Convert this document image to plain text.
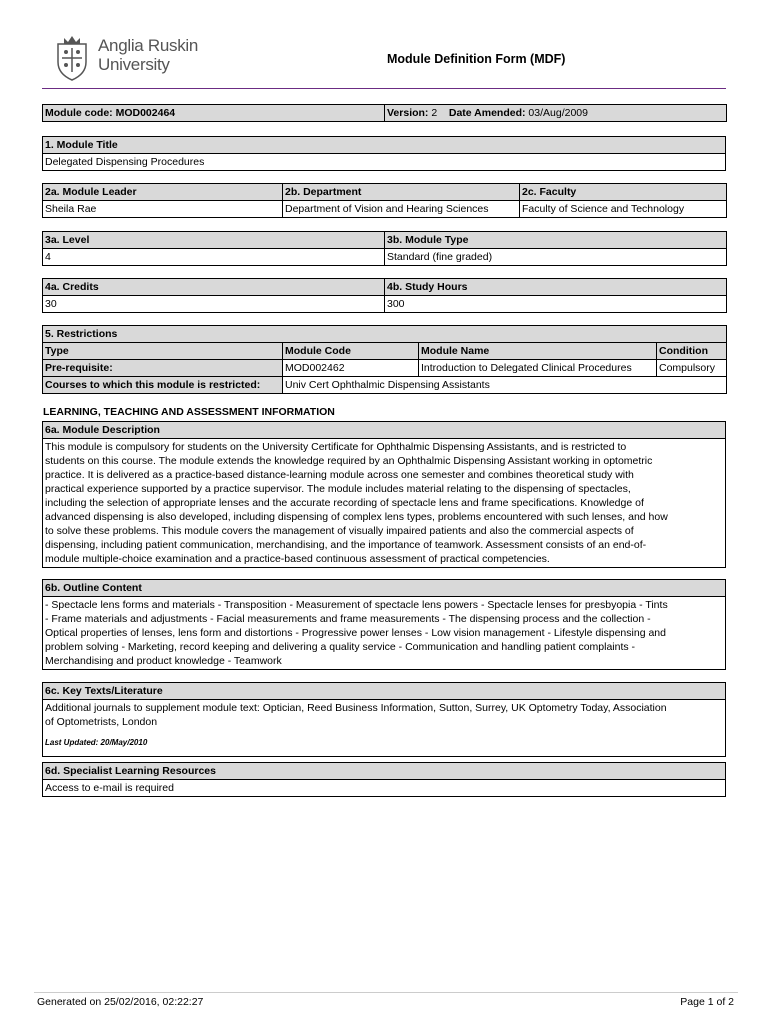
Anglia Ruskin
University	Module Definition Form (MDF)
Module code: MOD002464	Version: 2 Date Amended: 03/Aug/2009
1. Module Title
Delegated Dispensing Procedures
2a. Module Leader	2b. Department	2c. Faculty
Sheila Rae	Department of Vision and Hearing Sciences	Faculty of Science and Technology
3a. Level	3b. Module Type
4	Standard (fine graded)
4a. Credits	4b. Study Hours
30	300
5. Restrictions			
Type	Module Code	Module Name	Condition
Pre-requisite:	MOD002462	Introduction to Delegated Clinical Procedures	Compulsory
Courses to which this module is restricted:	Univ Cert Ophthalmic Dispensing Assistants		
LEARNING, TEACHING AND ASSESSMENT INFORMATION
6a. Module Description

This module is compulsory for students on the University Certificate for Ophthalmic Dispensing Assistants, and is restricted to
students on this course. The module extends the knowledge required by an Ophthalmic Dispensing Assistant working in optometric
practice. It is delivered as a practice-based distance-learning module across one semester and combines theoretical study with
practical experience supported by a practice supervisor. The module includes material relating to the dispensing of spectacles,
including the selection of appropriate lenses and the accurate recording of spectacle lens and frame specifications. Knowledge of
advanced dispensing is also developed, including dispensing of complex lens types, problems encountered with such lenses, and how
to solve these problems. This module covers the management of visually impaired patients and also the commercial aspects of
dispensing, including patient communication, merchandising, and the importance of teamwork. Assessment consists of an end-of-
module multiple-choice examination and a practice-based continuous assessment of practical competencies.
6b. Outline Content

- Spectacle lens forms and materials - Transposition - Measurement of spectacle lens powers - Spectacle lenses for presbyopia - Tints
- Frame materials and adjustments - Facial measurements and frame measurements - The dispensing process and the collection -
Optical properties of lenses, lens form and distortions - Progressive power lenses - Low vision management - Lifestyle dispensing and
problem solving - Marketing, record keeping and delivering a quality service - Communication and handling patient complaints -
Merchandising and product knowledge - Teamwork
6c. Key Texts/Literature

Additional journals to supplement module text: Optician, Reed Business Information, Sutton, Surrey, UK Optometry Today, Association
of Optometrists, London
Last Updated: 20/May/2010
6d. Specialist Learning Resources
Access to e-mail is required
Generated on 25/02/2016, 02:22:27	Page 1 of 2
